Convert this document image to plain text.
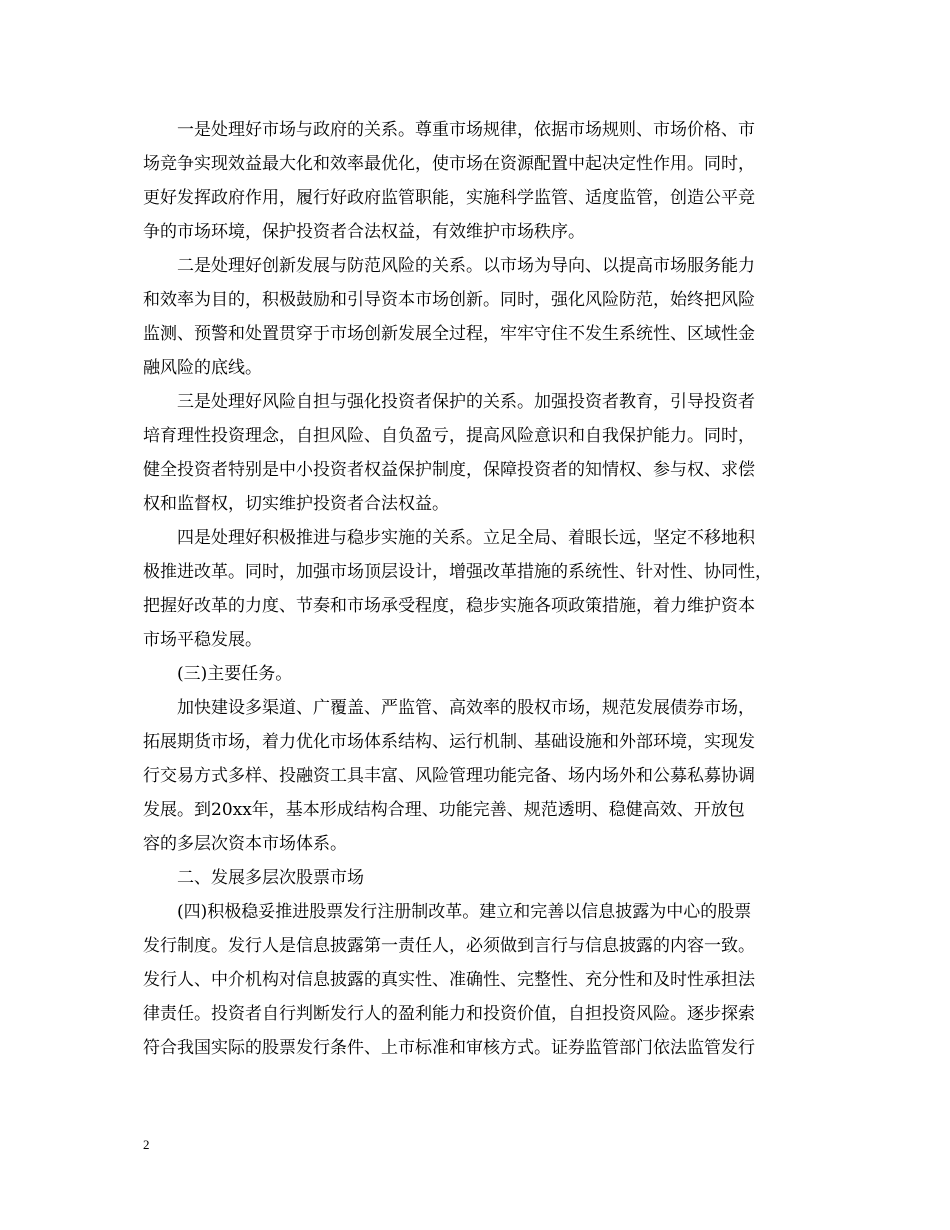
一是处理好市场与政府的关系。尊重市场规律，依据市场规则、市场价格、市
场竞争实现效益最大化和效率最优化，使市场在资源配置中起决定性作用。同时，
更好发挥政府作用，履行好政府监管职能，实施科学监管、适度监管，创造公平竞
争的市场环境，保护投资者合法权益，有效维护市场秩序。
二是处理好创新发展与防范风险的关系。以市场为导向、以提高市场服务能力
和效率为目的，积极鼓励和引导资本市场创新。同时，强化风险防范，始终把风险
监测、预警和处置贯穿于市场创新发展全过程，牢牢守住不发生系统性、区域性金
融风险的底线。
三是处理好风险自担与强化投资者保护的关系。加强投资者教育，引导投资者
培育理性投资理念，自担风险、自负盈亏，提高风险意识和自我保护能力。同时，
健全投资者特别是中小投资者权益保护制度，保障投资者的知情权、参与权、求偿
权和监督权，切实维护投资者合法权益。
四是处理好积极推进与稳步实施的关系。立足全局、着眼长远，坚定不移地积
极推进改革。同时，加强市场顶层设计，增强改革措施的系统性、针对性、协同性，
把握好改革的力度、节奏和市场承受程度，稳步实施各项政策措施，着力维护资本
市场平稳发展。
(三)主要任务。
加快建设多渠道、广覆盖、严监管、高效率的股权市场，规范发展债券市场，
拓展期货市场，着力优化市场体系结构、运行机制、基础设施和外部环境，实现发
行交易方式多样、投融资工具丰富、风险管理功能完备、场内场外和公募私募协调
发展。到20xx年，基本形成结构合理、功能完善、规范透明、稳健高效、开放包
容的多层次资本市场体系。
二、发展多层次股票市场
(四)积极稳妥推进股票发行注册制改革。建立和完善以信息披露为中心的股票
发行制度。发行人是信息披露第一责任人，必须做到言行与信息披露的内容一致。
发行人、中介机构对信息披露的真实性、准确性、完整性、充分性和及时性承担法
律责任。投资者自行判断发行人的盈利能力和投资价值，自担投资风险。逐步探索
符合我国实际的股票发行条件、上市标准和审核方式。证券监管部门依法监管发行
2
